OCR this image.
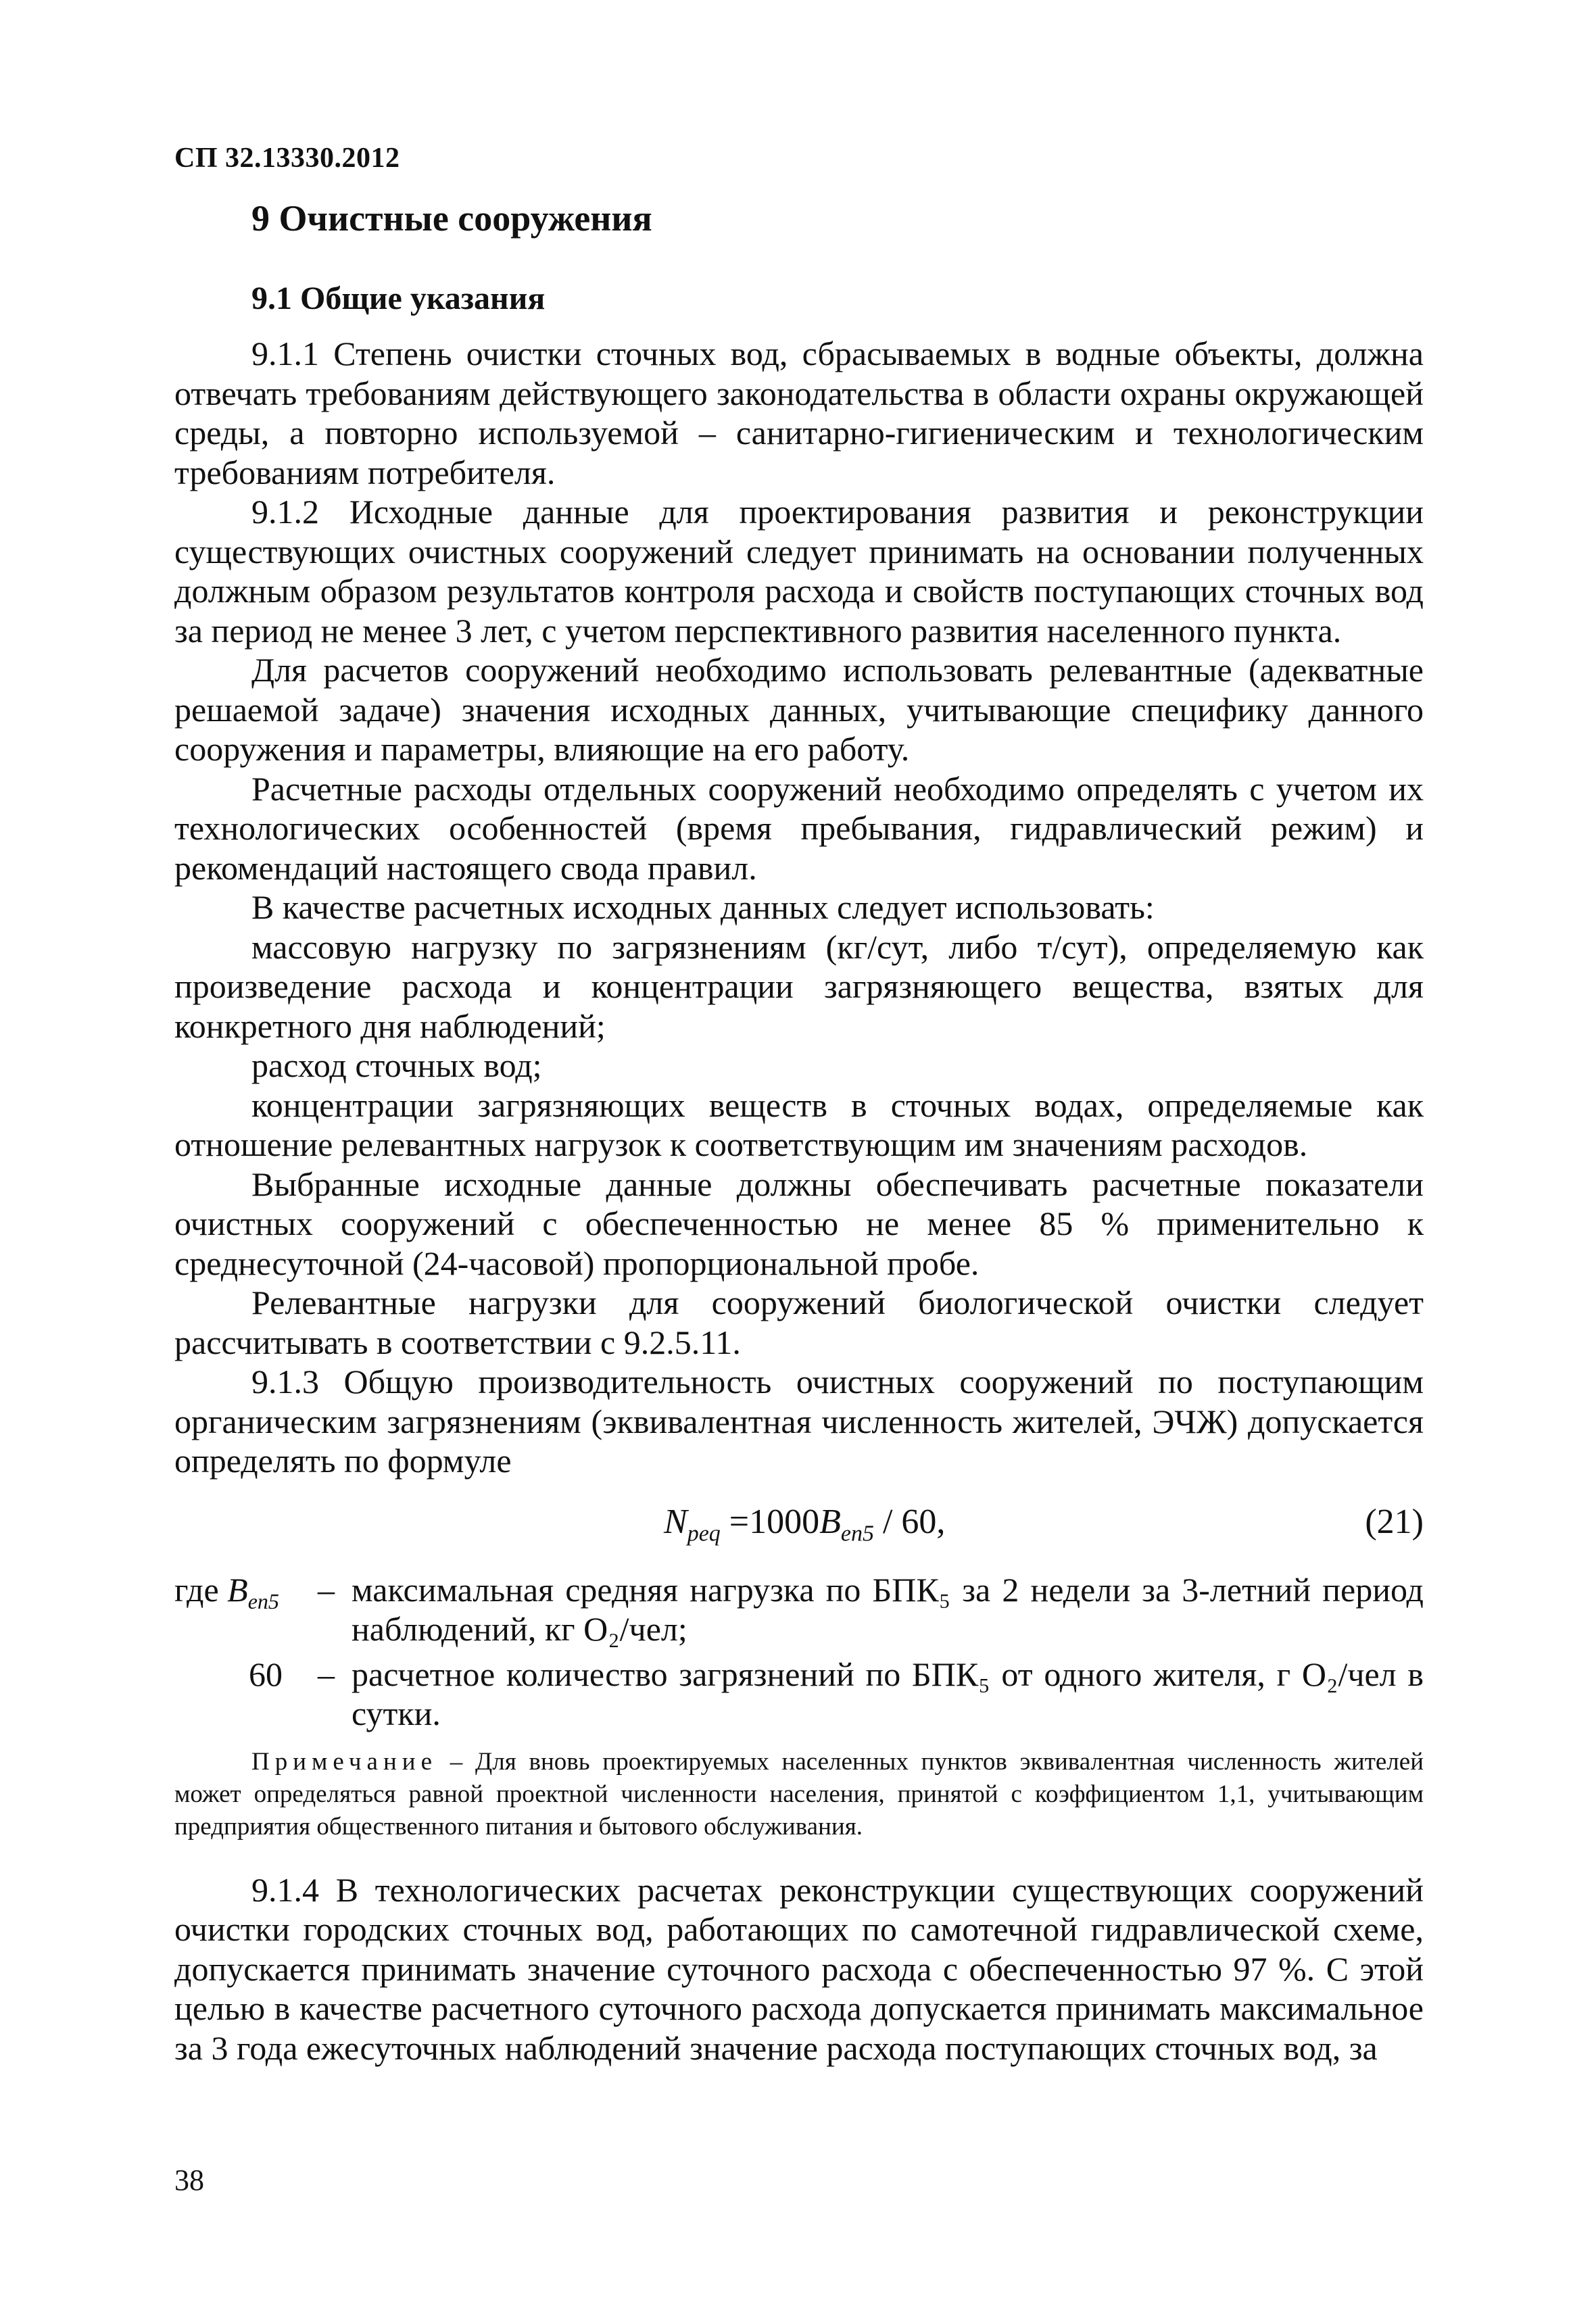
СП 32.13330.2012
9 Очистные сооружения
9.1 Общие указания

9.1.1 Степень очистки сточных вод, сбрасываемых в водные объекты, должна отвечать требованиям действующего законодательства в области охраны окружающей среды, а повторно используемой – санитарно-гигиеническим и технологическим требованиям потребителя.

9.1.2 Исходные данные для проектирования развития и реконструкции существующих очистных сооружений следует принимать на основании полученных должным образом результатов контроля расхода и свойств поступающих сточных вод за период не менее 3 лет, с учетом перспективного развития населенного пункта.

Для расчетов сооружений необходимо использовать релевантные (адекватные решаемой задаче) значения исходных данных, учитывающие специфику данного сооружения и параметры, влияющие на его работу.

Расчетные расходы отдельных сооружений необходимо определять с учетом их технологических особенностей (время пребывания, гидравлический режим) и рекомендаций настоящего свода правил.

В качестве расчетных исходных данных следует использовать:

массовую нагрузку по загрязнениям (кг/сут, либо т/сут), определяемую как произведение расхода и концентрации загрязняющего вещества, взятых для конкретного дня наблюдений;

расход сточных вод;

концентрации загрязняющих веществ в сточных водах, определяемые как отношение релевантных нагрузок к соответствующим им значениям расходов.

Выбранные исходные данные должны обеспечивать расчетные показатели очистных сооружений с обеспеченностью не менее 85 % применительно к среднесуточной (24-часовой) пропорциональной пробе.

Релевантные нагрузки для сооружений биологической очистки следует рассчитывать в соответствии с 9.2.5.11.

9.1.3 Общую производительность очистных сооружений по поступающим органическим загрязнениям (эквивалентная численность жителей, ЭЧЖ) допускается определять по формуле

$N_{peq} =1000B_{en5} / 60$,	(21)
где $B_{en5}$	– максимальная средняя нагрузка по БПК₅ за 2 недели за 3-летний период наблюдений, кг O₂/чел;
60	– расчетное количество загрязнений по БПК₅ от одного жителя, г O₂/чел в сутки.

Примечание – Для вновь проектируемых населенных пунктов эквивалентная численность жителей может определяться равной проектной численности населения, принятой с коэффициентом 1,1, учитывающим предприятия общественного питания и бытового обслуживания.

9.1.4 В технологических расчетах реконструкции существующих сооружений очистки городских сточных вод, работающих по самотечной гидравлической схеме, допускается принимать значение суточного расхода с обеспеченностью 97 %. С этой целью в качестве расчетного суточного расхода допускается принимать максимальное за 3 года ежесуточных наблюдений значение расхода поступающих сточных вод, за

38
